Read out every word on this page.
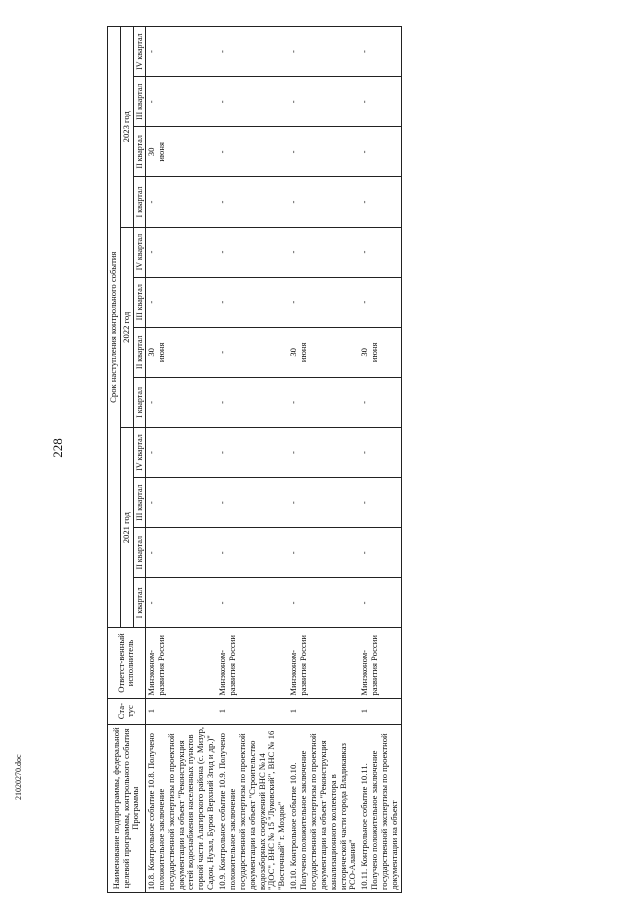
228
21020270.doc	Наименование подпрограммы, федеральной целевой программы, контрольного события Программы	Ста-тус	Ответст-венный исполнитель	Срок наступления контрольного события											
			2021 год				2022 год				2023 год			
			I квартал	II квартал	III квартал	IV квартал	I квартал	II квартал	III квартал	IV квартал	I квартал	II квартал	III квартал	IV квартал
10.8. Контрольное событие 10.8. Получено положительное заключение государственной экспертизы по проектной документации на объект "Реконструкция сетей водоснабжения населенных пунктов горной части Алагирского района (с. Мизур, Садон, Нузал, Бурон Верхний Згид и др.)"	1	Минэконом-развития России	-	-	-	-	-	30
июня	-	-	-	30
июня	-	-
10.9. Контрольное событие 10.9. Получено положительное заключение государственной экспертизы по проектной документации на объект "Строительство водозаборных сооружений ВНС №14 "ДОС", ВНС № 15 "Луковский", ВНС № 16 "Восточный" г. Моздок"	1	Минэконом-развития России	-	-	-	-	-	-	-	-	-	-	-	-
10.10. Контрольное событие 10.10. Получено положительное заключение государственной экспертизы по проектной документации на объект "Реконструкция канализационного коллектора в исторической части города Владикавказ РСО-Алания"	1	Минэконом-развития России	-	-	-	-	-	30
июня	-	-	-	-	-	-
10.11. Контрольное событие 10.11. Получено положительное заключение государственной экспертизы по проектной документации на объект	1	Минэконом-развития России	-	-	-	-	-	30
июня	-	-	-	-	-	-
